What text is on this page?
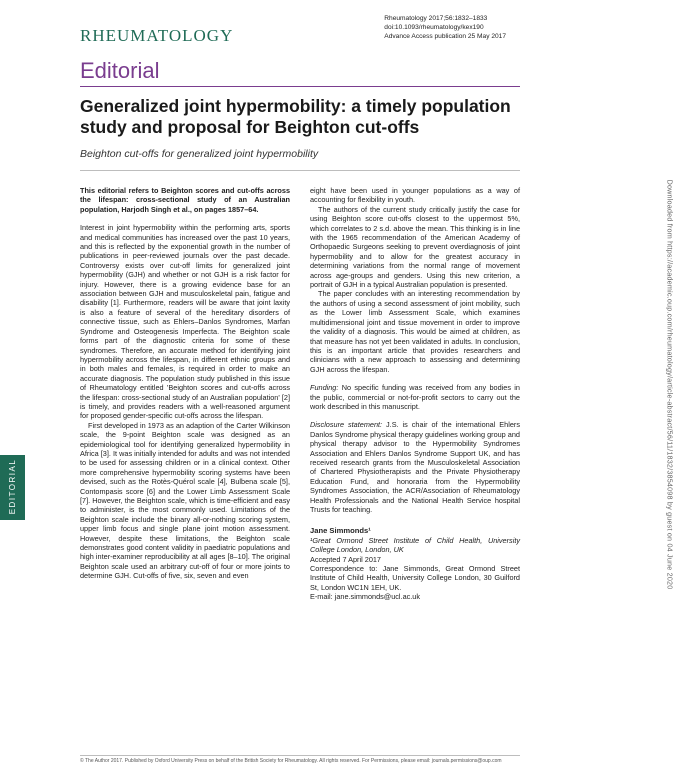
RHEUMATOLOGY
Rheumatology 2017;56:1832–1833
doi:10.1093/rheumatology/kex190
Advance Access publication 25 May 2017
Editorial
Generalized joint hypermobility: a timely population study and proposal for Beighton cut-offs
Beighton cut-offs for generalized joint hypermobility

This editorial refers to Beighton scores and cut-offs across the lifespan: cross-sectional study of an Australian population, Harjodh Singh et al., on pages 1857–64.

Interest in joint hypermobility within the performing arts, sports and medical communities has increased over the past 10 years, and this is reflected by the exponential growth in the number of publications in peer-reviewed journals over the past decade. Controversy exists over cut-off limits for generalized joint hypermobility (GJH) and whether or not GJH is a risk factor for injury. However, there is a growing evidence base for an association between GJH and musculoskeletal pain, fatigue and disability [1]. Furthermore, readers will be aware that joint laxity is also a feature of several of the hereditary disorders of connective tissue, such as Ehlers–Danlos Syndromes, Marfan Syndrome and Osteogenesis Imperfecta. The Beighton scale forms part of the diagnostic criteria for some of these syndromes. Therefore, an accurate method for identifying joint hypermobility across the lifespan, in different ethnic groups and in both males and females, is required in order to make an accurate diagnosis. The population study published in this issue of Rheumatology entitled 'Beighton scores and cut-offs across the lifespan: cross-sectional study of an Australian population' [2] is timely, and provides readers with a well-reasoned argument for proposed gender-specific cut-offs across the lifespan.

First developed in 1973 as an adaption of the Carter Wilkinson scale, the 9-point Beighton scale was designed as an epidemiological tool for identifying generalized hypermobility in Africa [3]. It was initially intended for adults and was not intended to be used for assessing children or in a clinical context. Other more comprehensive hypermobility scoring systems have been devised, such as the Rotès-Quérol scale [4], Bulbena scale [5], Contompasis score [6] and the Lower Limb Assessment Scale [7]. However, the Beighton scale, which is time-efficient and easy to administer, is the most commonly used. Limitations of the Beighton scale include the binary all-or-nothing scoring system, upper limb focus and single plane joint motion assessment. However, despite these limitations, the Beighton scale demonstrates good content validity in paediatric populations and high inter-examiner reproducibility at all ages [8–10]. The original Beighton scale used an arbitrary cut-off of four or more joints to determine GJH. Cut-offs of five, six, seven and even

eight have been used in younger populations as a way of accounting for flexibility in youth.

The authors of the current study critically justify the case for using Beighton score cut-offs closest to the uppermost 5%, which correlates to 2 s.d. above the mean. This thinking is in line with the 1965 recommendation of the American Academy of Orthopaedic Surgeons seeking to prevent overdiagnosis of joint hypermobility and to allow for the greatest accuracy in determining variations from the normal range of movement across age-groups and genders. Using this new criterion, a portrait of GJH in a typical Australian population is presented.

The paper concludes with an interesting recommendation by the authors of using a second assessment of joint mobility, such as the Lower limb Assessment Scale, which examines multidimensional joint and tissue movement in order to improve the validity of a diagnosis. This would be aimed at children, as that measure has not yet been validated in adults. In conclusion, this is an important article that provides researchers and clinicians with a new approach to assessing and determining GJH across the lifespan.

Funding: No specific funding was received from any bodies in the public, commercial or not-for-profit sectors to carry out the work described in this manuscript.

Disclosure statement: J.S. is chair of the international Ehlers Danlos Syndrome physical therapy guidelines working group and physical therapy advisor to the Hypermobility Syndromes Association and Ehlers Danlos Syndrome Support UK, and has received research grants from the Musculoskeletal Association of Chartered Physiotherapists and the Private Physiotherapy Education Fund, and honoraria from the Hypermobility Syndromes Association, the ACR/Association of Rheumatology Health Professionals and the National Health Service hospital Trusts for teaching.

Jane Simmonds¹

¹Great Ormond Street Institute of Child Health, University College London, London, UK

Accepted 7 April 2017

Correspondence to: Jane Simmonds, Great Ormond Street Institute of Child Health, University College London, 30 Guilford St, London WC1N 1EH, UK.

E-mail: jane.simmonds@ucl.ac.uk

EDITORIAL	Downloaded from https://academic.oup.com/rheumatology/article-abstract/56/11/1832/3854098 by guest on 04 June 2020
© The Author 2017. Published by Oxford University Press on behalf of the British Society for Rheumatology. All rights reserved. For Permissions, please email: journals.permissions@oup.com
